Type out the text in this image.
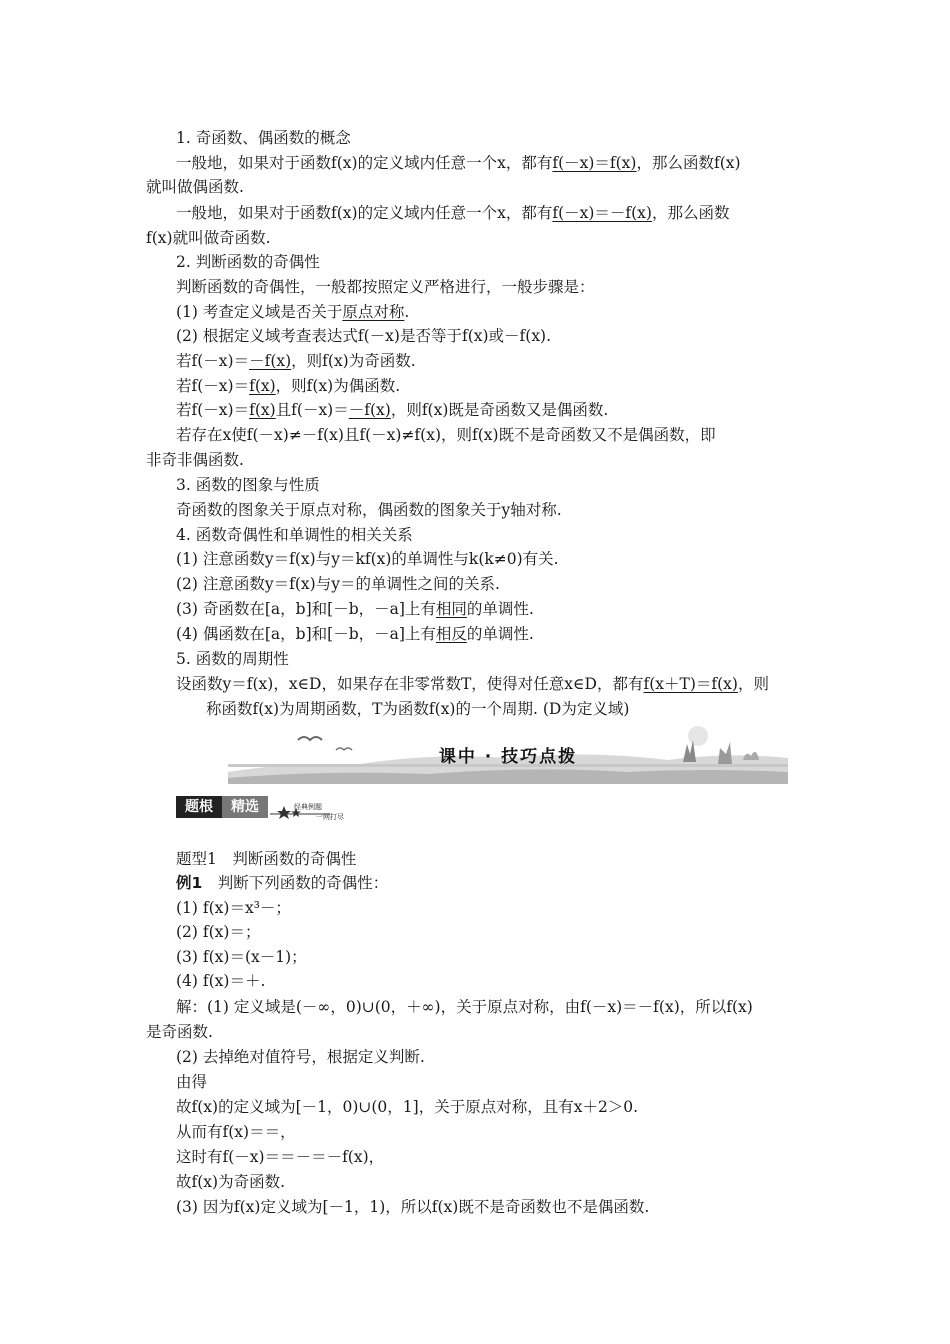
课中 · 技巧点拨
题根	精选	经典例题
一网打尽
1. 奇函数、偶函数的概念
一般地，如果对于函数f(x)的定义域内任意一个x，都有f(－x)＝f(x)，那么函数f(x)
就叫做偶函数.
一般地，如果对于函数f(x)的定义域内任意一个x，都有f(－x)＝－f(x)，那么函数
f(x)就叫做奇函数.
2. 判断函数的奇偶性
判断函数的奇偶性，一般都按照定义严格进行，一般步骤是：
(1) 考查定义域是否关于原点对称.
(2) 根据定义域考查表达式f(－x)是否等于f(x)或－f(x).
若f(－x)＝－f(x)，则f(x)为奇函数.
若f(－x)＝f(x)，则f(x)为偶函数.
若f(－x)＝f(x)且f(－x)＝－f(x)，则f(x)既是奇函数又是偶函数.
若存在x使f(－x)≠－f(x)且f(－x)≠f(x)，则f(x)既不是奇函数又不是偶函数，即
非奇非偶函数.
3. 函数的图象与性质
奇函数的图象关于原点对称，偶函数的图象关于y轴对称.
4. 函数奇偶性和单调性的相关关系
(1) 注意函数y＝f(x)与y＝kf(x)的单调性与k(k≠0)有关.
(2) 注意函数y＝f(x)与y＝的单调性之间的关系.
(3) 奇函数在[a，b]和[－b，－a]上有相同的单调性.
(4) 偶函数在[a，b]和[－b，－a]上有相反的单调性.
5. 函数的周期性
设函数y＝f(x)，x∈D，如果存在非零常数T，使得对任意x∈D，都有f(x＋T)＝f(x)，则
称函数f(x)为周期函数，T为函数f(x)的一个周期. (D为定义域)
题型1　判断函数的奇偶性
例1　判断下列函数的奇偶性：
(1) f(x)＝x³－；
(2) f(x)＝；
(3) f(x)＝(x－1)；
(4) f(x)＝＋.
解：(1) 定义域是(－∞，0)∪(0，＋∞)，关于原点对称，由f(－x)＝－f(x)，所以f(x)
是奇函数.
(2) 去掉绝对值符号，根据定义判断.
由得
故f(x)的定义域为[－1，0)∪(0，1]，关于原点对称，且有x＋2＞0.
从而有f(x)＝＝，
这时有f(－x)＝＝－＝－f(x)，
故f(x)为奇函数.
(3) 因为f(x)定义域为[－1，1)，所以f(x)既不是奇函数也不是偶函数.
